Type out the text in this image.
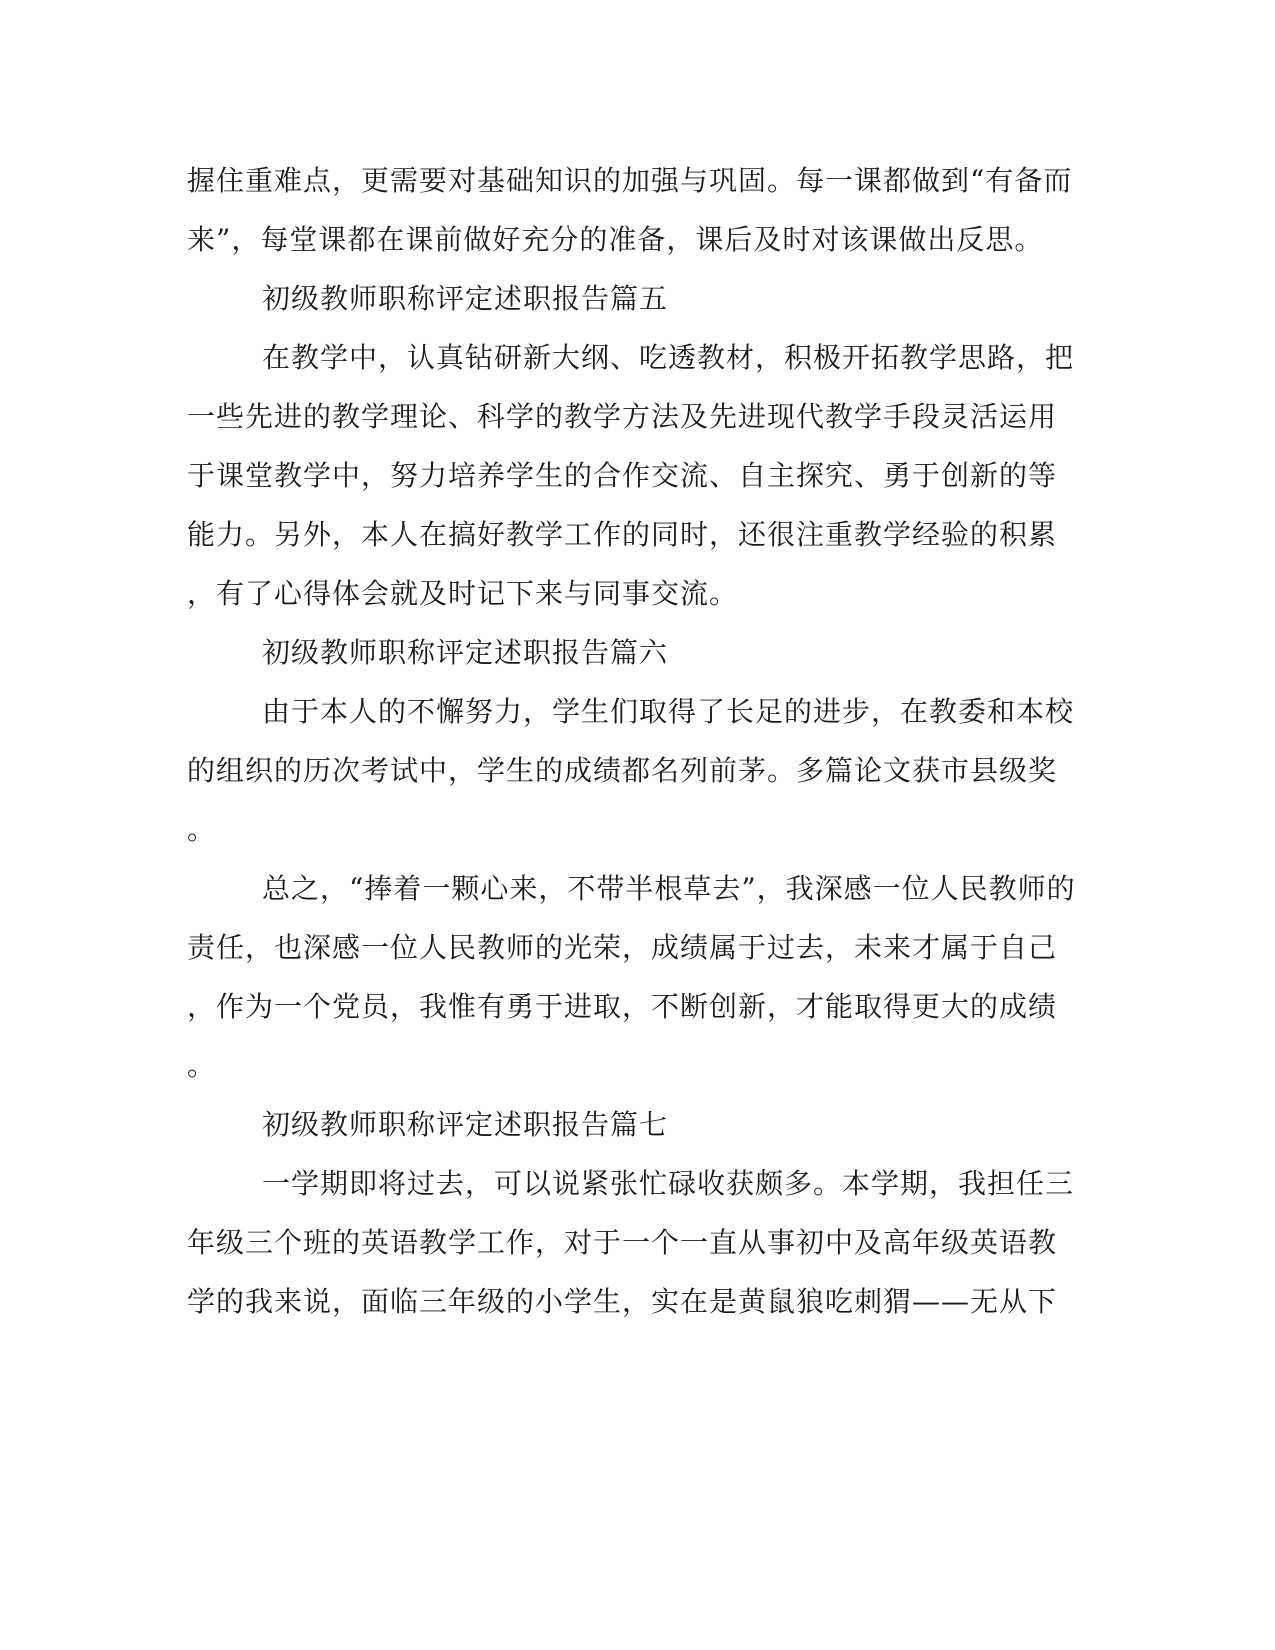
握住重难点，更需要对基础知识的加强与巩固。每一课都做到“有备而
来”，每堂课都在课前做好充分的准备，课后及时对该课做出反思。
初级教师职称评定述职报告篇五
在教学中，认真钻研新大纲、吃透教材，积极开拓教学思路，把
一些先进的教学理论、科学的教学方法及先进现代教学手段灵活运用
于课堂教学中，努力培养学生的合作交流、自主探究、勇于创新的等
能力。另外，本人在搞好教学工作的同时，还很注重教学经验的积累
，有了心得体会就及时记下来与同事交流。
初级教师职称评定述职报告篇六
由于本人的不懈努力，学生们取得了长足的进步，在教委和本校
的组织的历次考试中，学生的成绩都名列前茅。多篇论文获市县级奖
。
总之，“捧着一颗心来，不带半根草去”，我深感一位人民教师的
责任，也深感一位人民教师的光荣，成绩属于过去，未来才属于自己
，作为一个党员，我惟有勇于进取，不断创新，才能取得更大的成绩
。
初级教师职称评定述职报告篇七
一学期即将过去，可以说紧张忙碌收获颇多。本学期，我担任三
年级三个班的英语教学工作，对于一个一直从事初中及高年级英语教
学的我来说，面临三年级的小学生，实在是黄鼠狼吃刺猬——无从下
